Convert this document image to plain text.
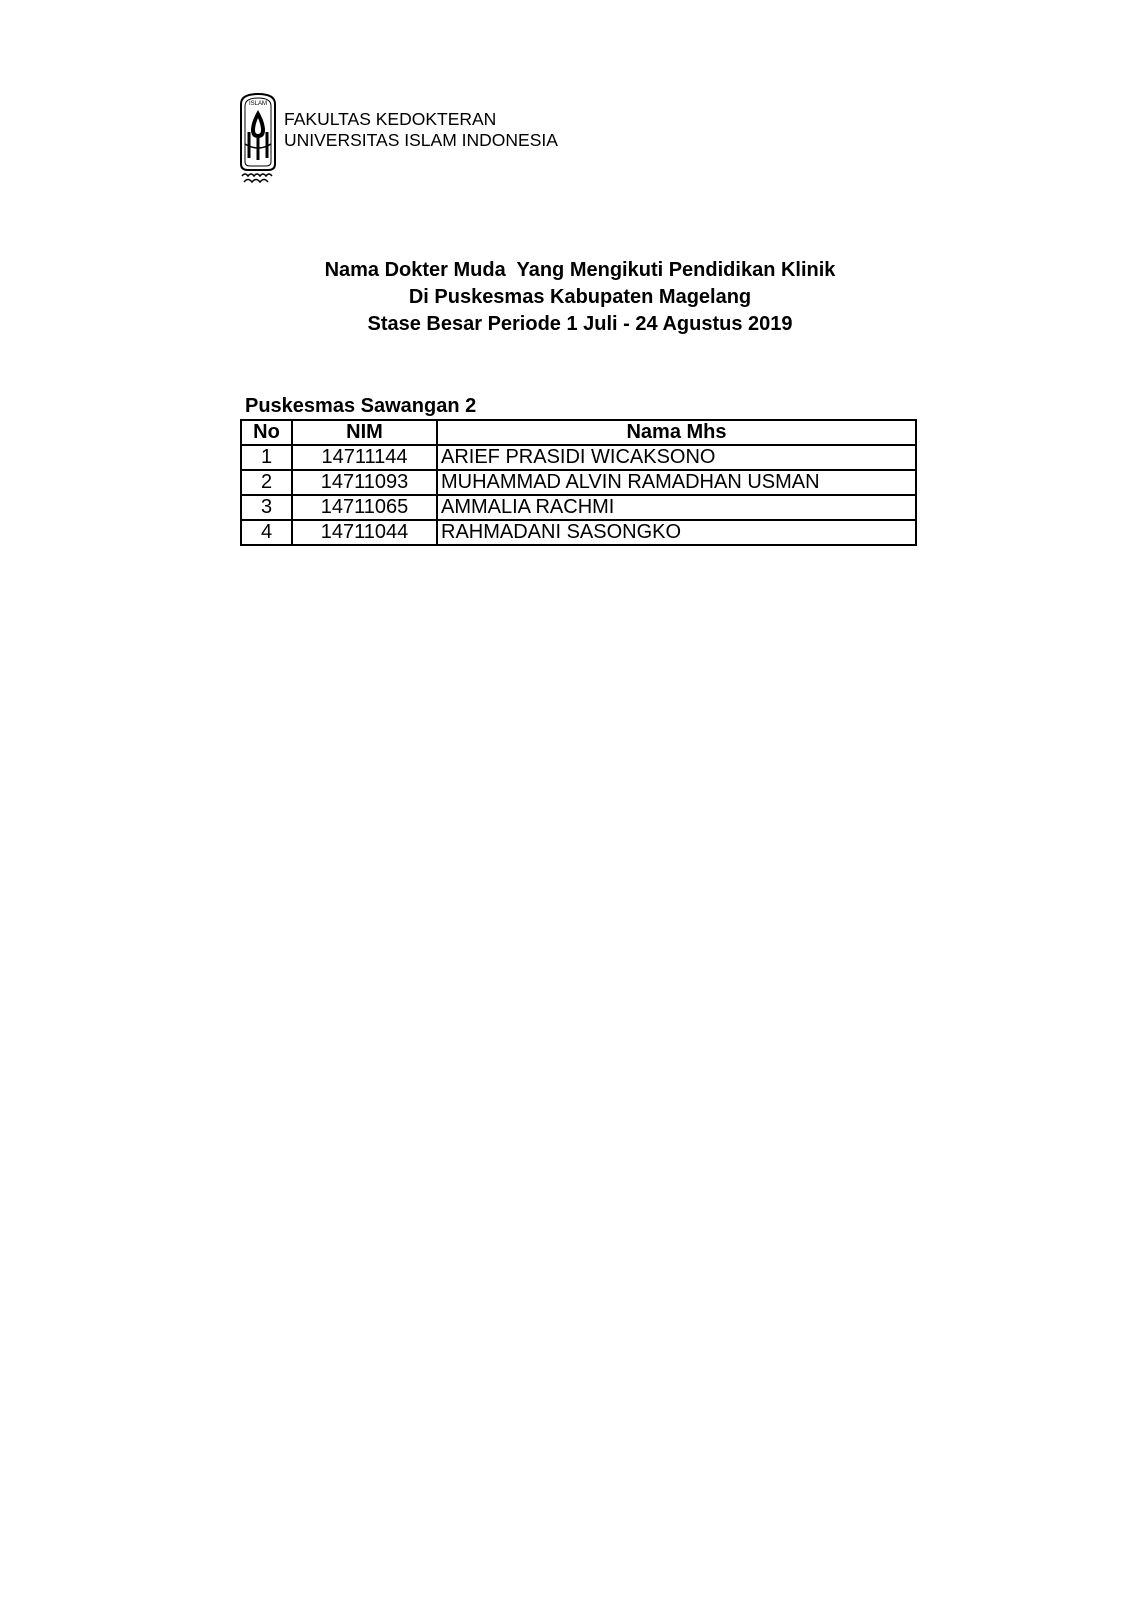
ISLAM
FAKULTAS KEDOKTERAN
UNIVERSITAS ISLAM INDONESIA
Nama Dokter Muda  Yang Mengikuti Pendidikan Klinik
Di Puskesmas Kabupaten Magelang
Stase Besar Periode 1 Juli - 24 Agustus 2019
Puskesmas Sawangan 2
No	NIM	Nama Mhs
1	14711144	ARIEF PRASIDI WICAKSONO
2	14711093	MUHAMMAD ALVIN RAMADHAN USMAN
3	14711065	AMMALIA RACHMI
4	14711044	RAHMADANI SASONGKO
